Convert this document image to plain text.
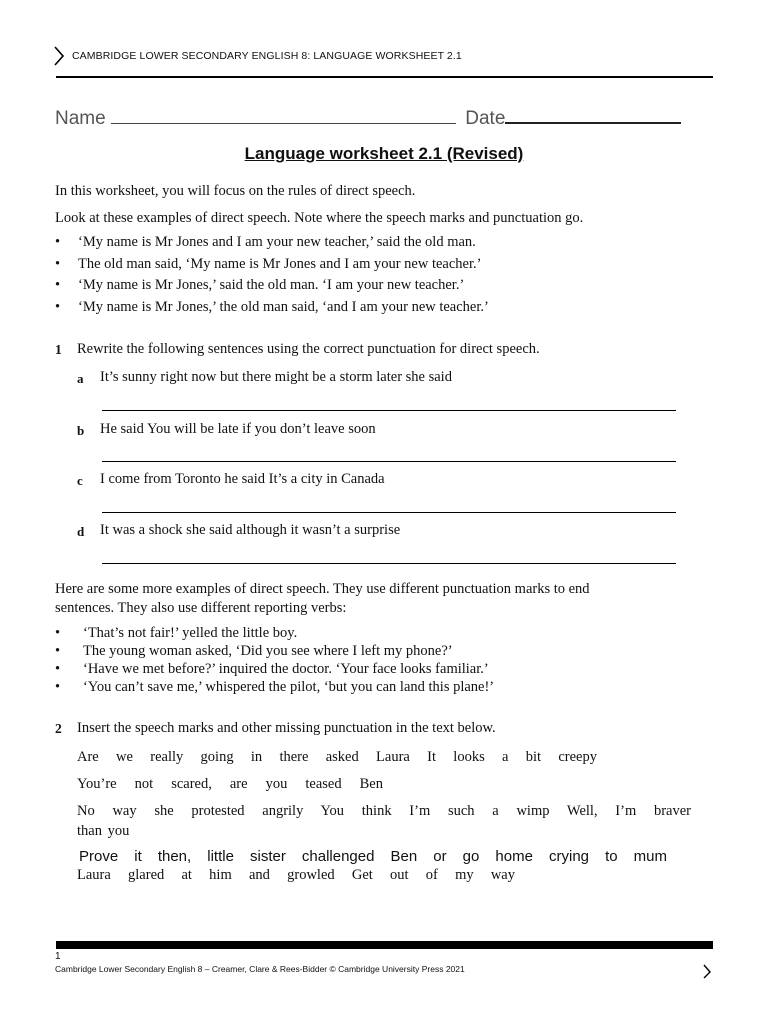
CAMBRIDGE LOWER SECONDARY ENGLISH 8: LANGUAGE WORKSHEET 2.1
Name	Date
Language worksheet 2.1 (Revised)
In this worksheet, you will focus on the rules of direct speech.
Look at these examples of direct speech. Note where the speech marks and punctuation go.
• ‘My name is Mr Jones and I am your new teacher,’ said the old man.
• The old man said, ‘My name is Mr Jones and I am your new teacher.’
• ‘My name is Mr Jones,’ said the old man. ‘I am your new teacher.’
• ‘My name is Mr Jones,’ the old man said, ‘and I am your new teacher.’
1 Rewrite the following sentences using the correct punctuation for direct speech.
a It’s sunny right now but there might be a storm later she said
b He said You will be late if you don’t leave soon
c I come from Toronto he said It’s a city in Canada
d It was a shock she said although it wasn’t a surprise
Here are some more examples of direct speech. They use different punctuation marks to end
sentences. They also use different reporting verbs:
• ‘That’s not fair!’ yelled the little boy.
• The young woman asked, ‘Did you see where I left my phone?’
• ‘Have we met before?’ inquired the doctor. ‘Your face looks familiar.’
• ‘You can’t save me,’ whispered the pilot, ‘but you can land this plane!’
2 Insert the speech marks and other missing punctuation in the text below.
Are we really going in there asked Laura It looks a bit creepy
You’re not scared, are you teased Ben
No way she protested angrily You think I’m such a wimp Well, I’m braver
than you
Prove it then, little sister challenged Ben or go home crying to mum
Laura glared at him and growled Get out of my way
1
Cambridge Lower Secondary English 8 – Creamer, Clare & Rees-Bidder © Cambridge University Press 2021
